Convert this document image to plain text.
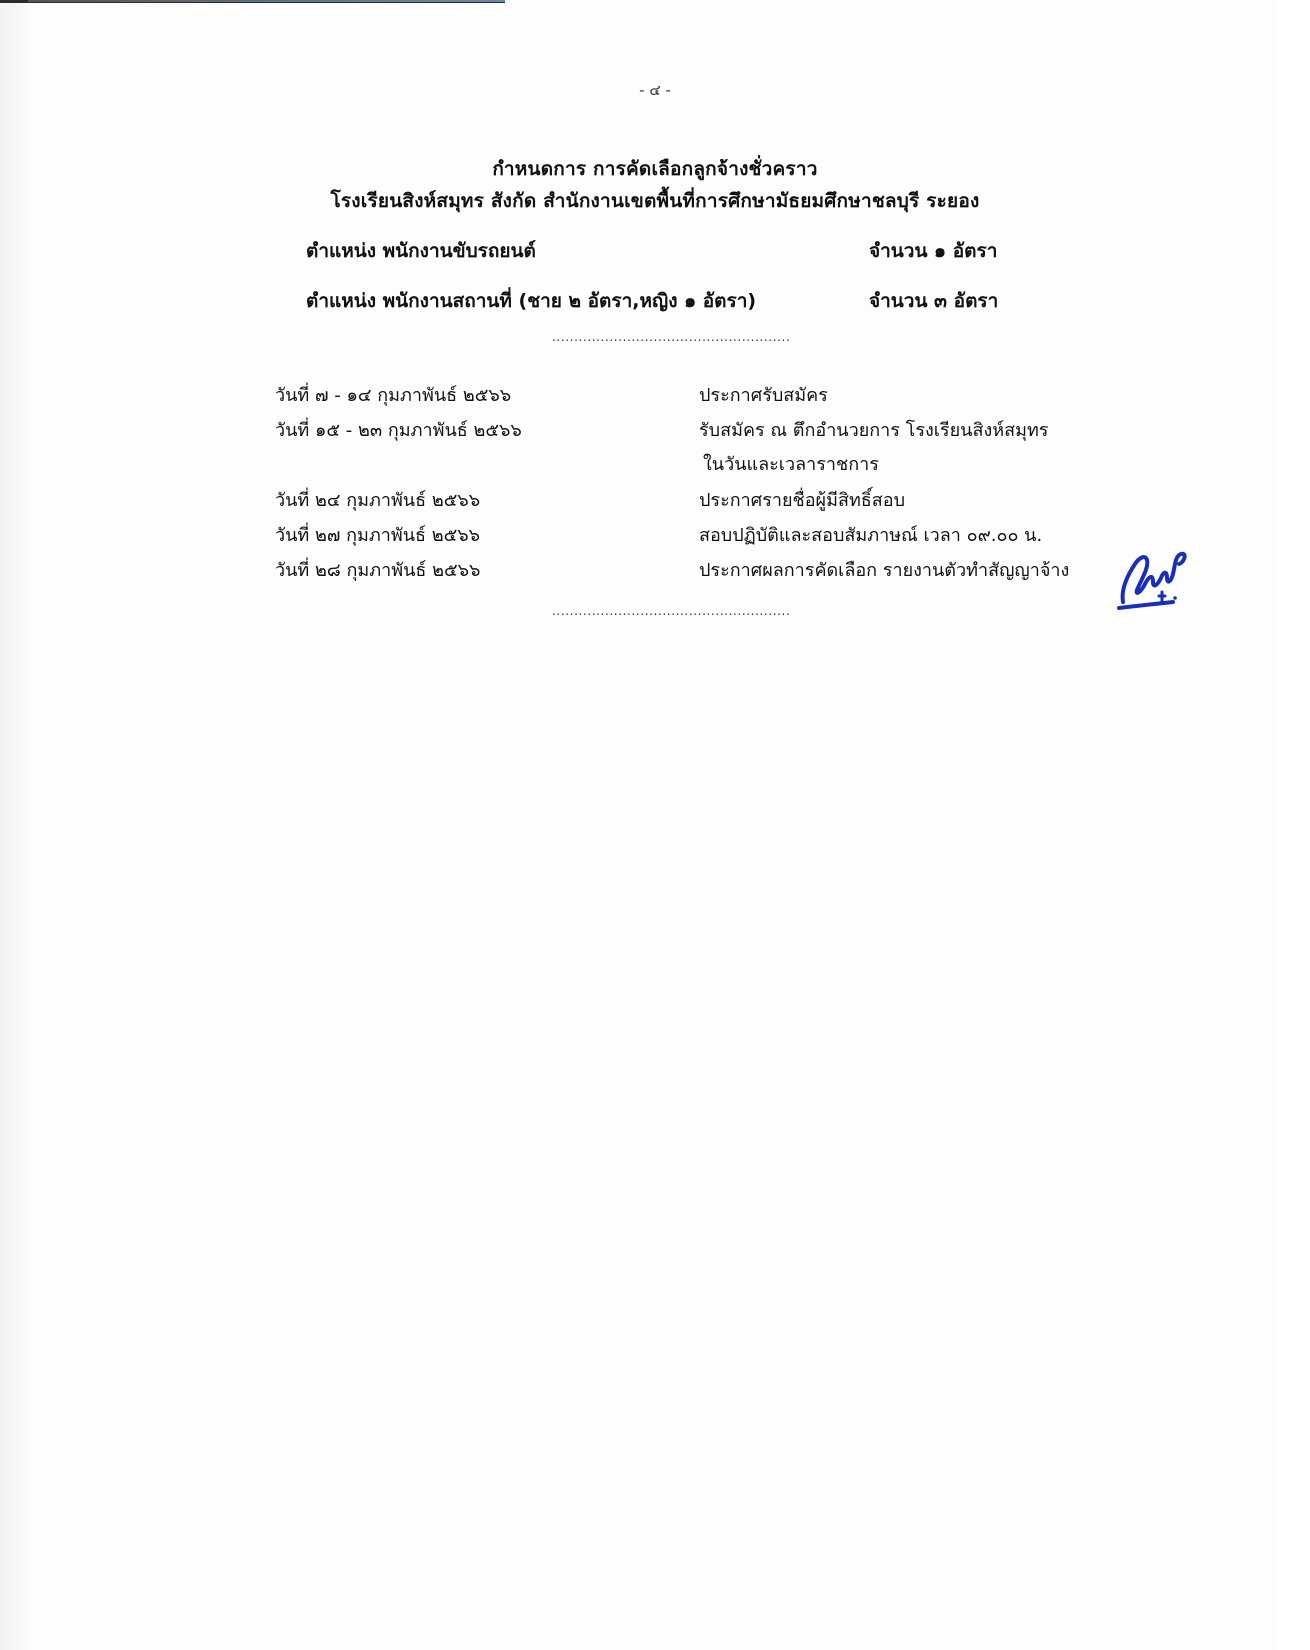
- ๔ -
กำหนดการ การคัดเลือกลูกจ้างชั่วคราว
โรงเรียนสิงห์สมุทร สังกัด สำนักงานเขตพื้นที่การศึกษามัธยมศึกษาชลบุรี ระยอง
ตำแหน่ง พนักงานขับรถยนต์	จำนวน ๑ อัตรา
ตำแหน่ง พนักงานสถานที่ (ชาย ๒ อัตรา,หญิง ๑ อัตรา)	จำนวน ๓ อัตรา
......................................................
วันที่ ๗ - ๑๔ กุมภาพันธ์ ๒๕๖๖	ประกาศรับสมัคร
วันที่ ๑๕ - ๒๓ กุมภาพันธ์ ๒๕๖๖	รับสมัคร ณ ตึกอำนวยการ โรงเรียนสิงห์สมุทร
ในวันและเวลาราชการ
วันที่ ๒๔ กุมภาพันธ์ ๒๕๖๖	ประกาศรายชื่อผู้มีสิทธิ์สอบ
วันที่ ๒๗ กุมภาพันธ์ ๒๕๖๖	สอบปฏิบัติและสอบสัมภาษณ์ เวลา ๐๙.๐๐ น.
วันที่ ๒๘ กุมภาพันธ์ ๒๕๖๖	ประกาศผลการคัดเลือก รายงานตัวทำสัญญาจ้าง
......................................................
